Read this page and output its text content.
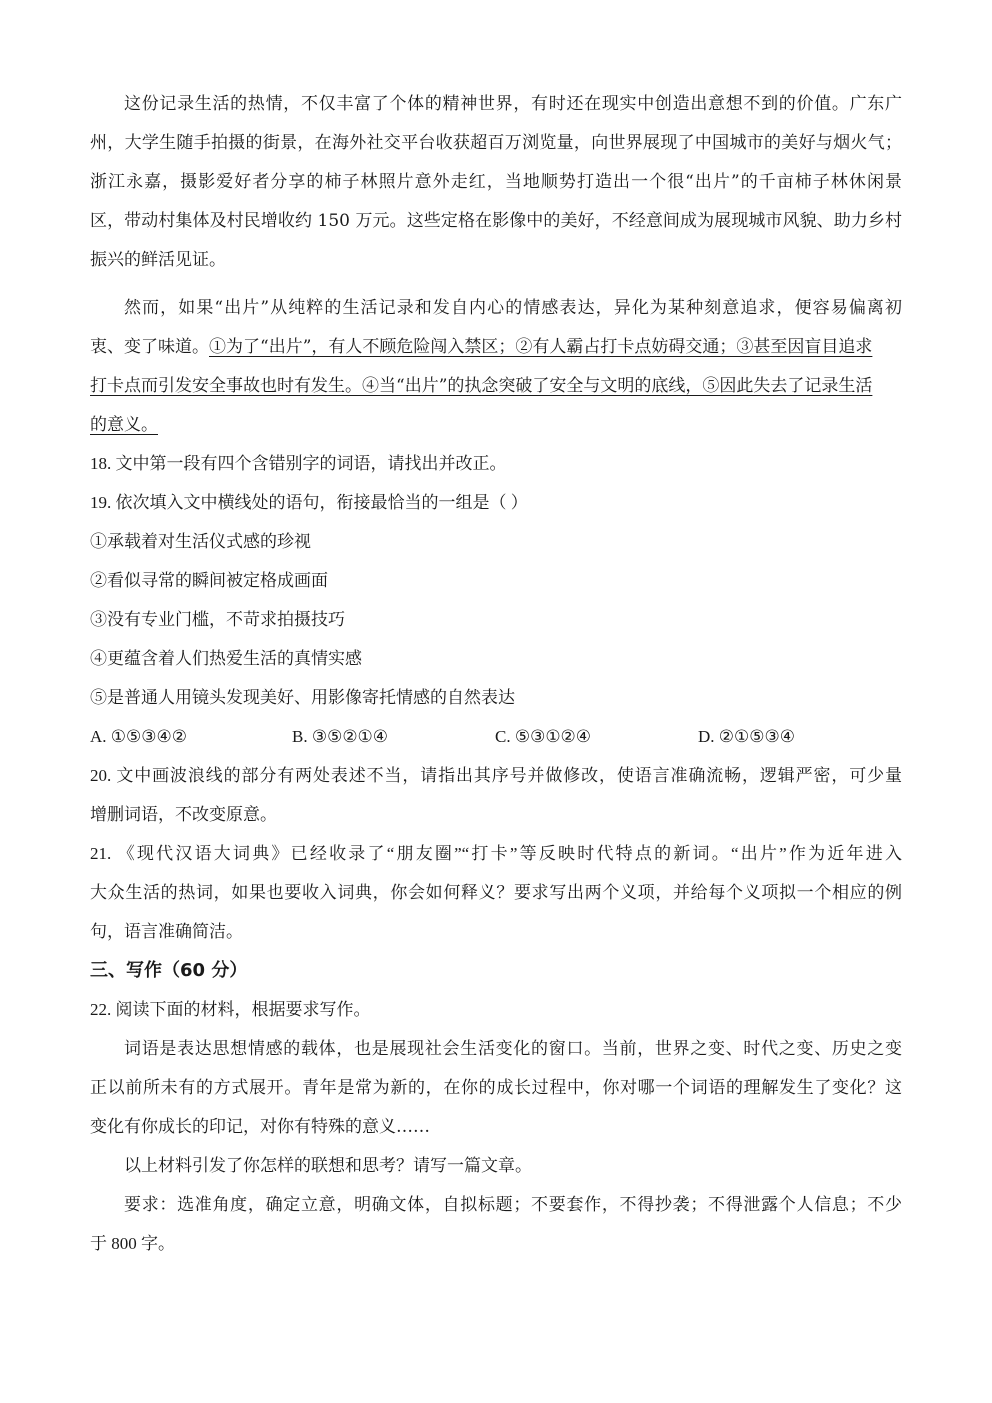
这份记录生活的热情，不仅丰富了个体的精神世界，有时还在现实中创造出意想不到的价值。广东广
州，大学生随手拍摄的街景，在海外社交平台收获超百万浏览量，向世界展现了中国城市的美好与烟火气；
浙江永嘉，摄影爱好者分享的柿子林照片意外走红，当地顺势打造出一个很“出片”的千亩柿子林休闲景
区，带动村集体及村民增收约 150 万元。这些定格在影像中的美好，不经意间成为展现城市风貌、助力乡村
振兴的鲜活见证。
然而，如果“出片”从纯粹的生活记录和发自内心的情感表达，异化为某种刻意追求，便容易偏离初
衷、变了味道。①为了“出片”，有人不顾危险闯入禁区；②有人霸占打卡点妨碍交通；③甚至因盲目追求
打卡点而引发安全事故也时有发生。④当“出片”的执念突破了安全与文明的底线，⑤因此失去了记录生活
的意义。
18. 文中第一段有四个含错别字的词语，请找出并改正。
19. 依次填入文中横线处的语句，衔接最恰当的一组是（ ）
①承载着对生活仪式感的珍视
②看似寻常的瞬间被定格成画面
③没有专业门槛，不苛求拍摄技巧
④更蕴含着人们热爱生活的真情实感
⑤是普通人用镜头发现美好、用影像寄托情感的自然表达
A. ①⑤③④②	B. ③⑤②①④	C. ⑤③①②④	D. ②①⑤③④
20. 文中画波浪线的部分有两处表述不当，请指出其序号并做修改，使语言准确流畅，逻辑严密，可少量
增删词语，不改变原意。
21. 《现代汉语大词典》已经收录了“朋友圈”“打卡”等反映时代特点的新词。“出片”作为近年进入
大众生活的热词，如果也要收入词典，你会如何释义？要求写出两个义项，并给每个义项拟一个相应的例
句，语言准确简洁。
三、写作（60 分）
22. 阅读下面的材料，根据要求写作。
词语是表达思想情感的载体，也是展现社会生活变化的窗口。当前，世界之变、时代之变、历史之变
正以前所未有的方式展开。青年是常为新的，在你的成长过程中，你对哪一个词语的理解发生了变化？这
变化有你成长的印记，对你有特殊的意义……
以上材料引发了你怎样的联想和思考？请写一篇文章。
要求：选准角度，确定立意，明确文体，自拟标题；不要套作，不得抄袭；不得泄露个人信息；不少
于 800 字。
